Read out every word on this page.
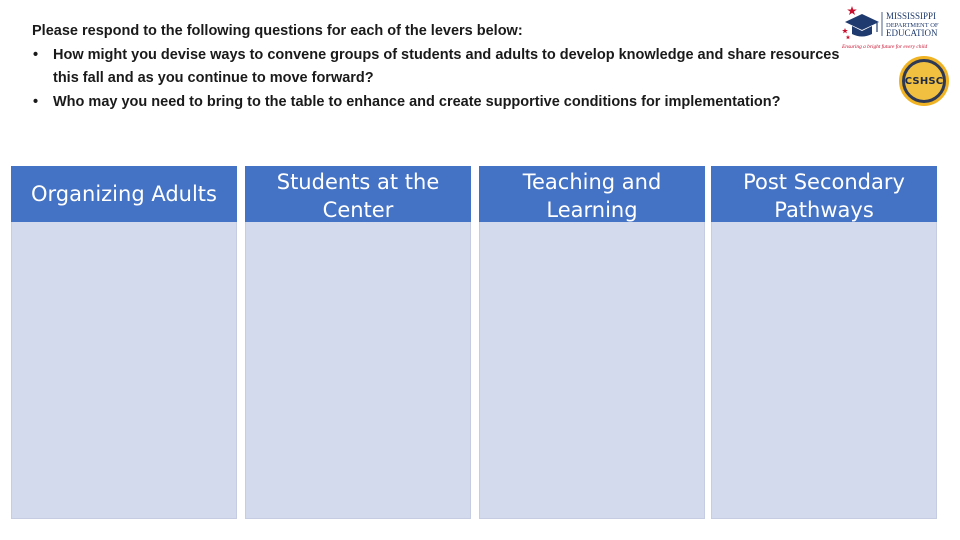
Please respond to the following questions for each of the levers below:
• How might you devise ways to convene groups of students and adults to develop knowledge and share resources this fall and as you continue to move forward?
• Who may you need to bring to the table to enhance and create supportive conditions for implementation?
MISSISSIPPI
DEPARTMENT OF
EDUCATION
Ensuring a bright future for every child
CSHSC
Organizing Adults	Students at the Center
Teaching and Learning
Post Secondary Pathways
